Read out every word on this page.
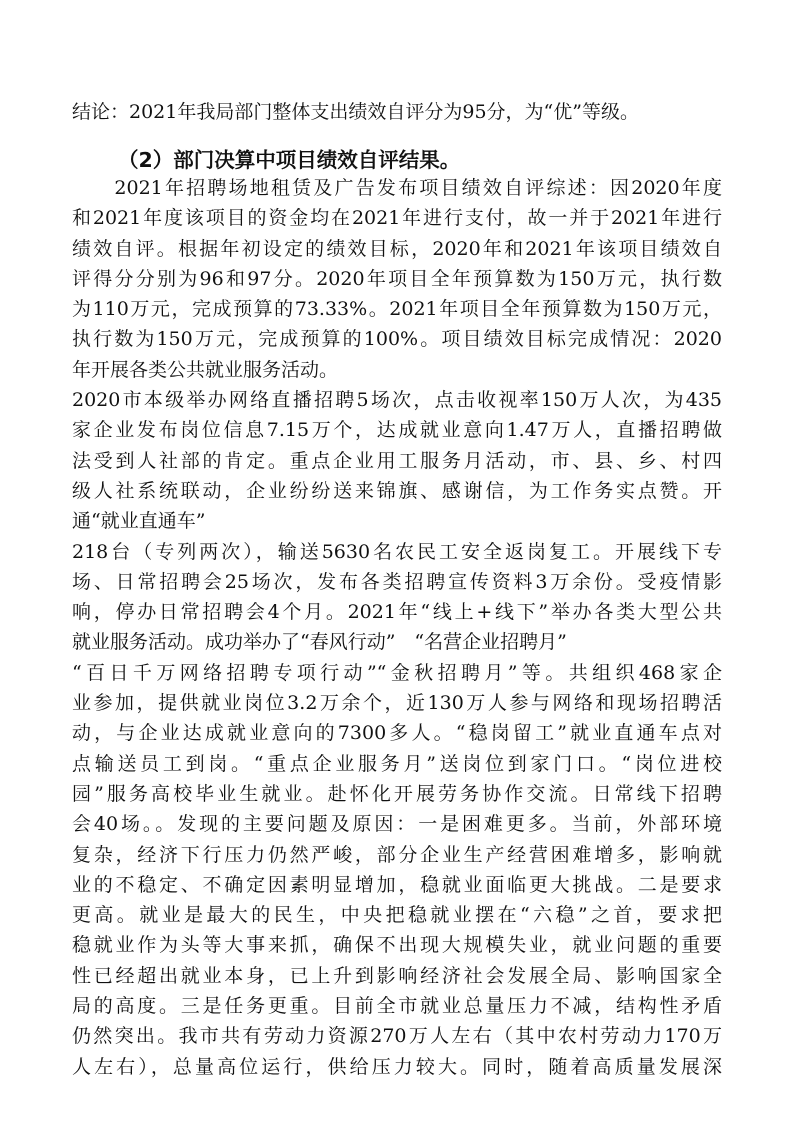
结论：2021年我局部门整体支出绩效自评分为95分，为“优”等级。
（2）部门决算中项目绩效自评结果。
　　2021年招聘场地租赁及广告发布项目绩效自评综述：因2020年度
和2021年度该项目的资金均在2021年进行支付，故一并于2021年进行
绩效自评。根据年初设定的绩效目标，2020年和2021年该项目绩效自
评得分分别为96和97分。2020年项目全年预算数为150万元，执行数
为110万元，完成预算的73.33%。2021年项目全年预算数为150万元，
执行数为150万元，完成预算的100%。项目绩效目标完成情况：2020
年开展各类公共就业服务活动。
2020市本级举办网络直播招聘5场次，点击收视率150万人次，为435
家企业发布岗位信息7.15万个，达成就业意向1.47万人，直播招聘做
法受到人社部的肯定。重点企业用工服务月活动，市、县、乡、村四
级人社系统联动，企业纷纷送来锦旗、感谢信，为工作务实点赞。开
通“就业直通车”
218台（专列两次），输送5630名农民工安全返岗复工。开展线下专
场、日常招聘会25场次，发布各类招聘宣传资料3万余份。受疫情影
响，停办日常招聘会4个月。2021年“线上+线下”举办各类大型公共
就业服务活动。成功举办了“春风行动”　“名营企业招聘月”
“百日千万网络招聘专项行动”“金秋招聘月”等。共组织468家企
业参加，提供就业岗位3.2万余个，近130万人参与网络和现场招聘活
动，与企业达成就业意向的7300多人。“稳岗留工”就业直通车点对
点输送员工到岗。“重点企业服务月”送岗位到家门口。“岗位进校
园”服务高校毕业生就业。赴怀化开展劳务协作交流。日常线下招聘
会40场。。发现的主要问题及原因：一是困难更多。当前，外部环境
复杂，经济下行压力仍然严峻，部分企业生产经营困难增多，影响就
业的不稳定、不确定因素明显增加，稳就业面临更大挑战。二是要求
更高。就业是最大的民生，中央把稳就业摆在“六稳”之首，要求把
稳就业作为头等大事来抓，确保不出现大规模失业，就业问题的重要
性已经超出就业本身，已上升到影响经济社会发展全局、影响国家全
局的高度。三是任务更重。目前全市就业总量压力不减，结构性矛盾
仍然突出。我市共有劳动力资源270万人左右（其中农村劳动力170万
人左右），总量高位运行，供给压力较大。同时，随着高质量发展深
